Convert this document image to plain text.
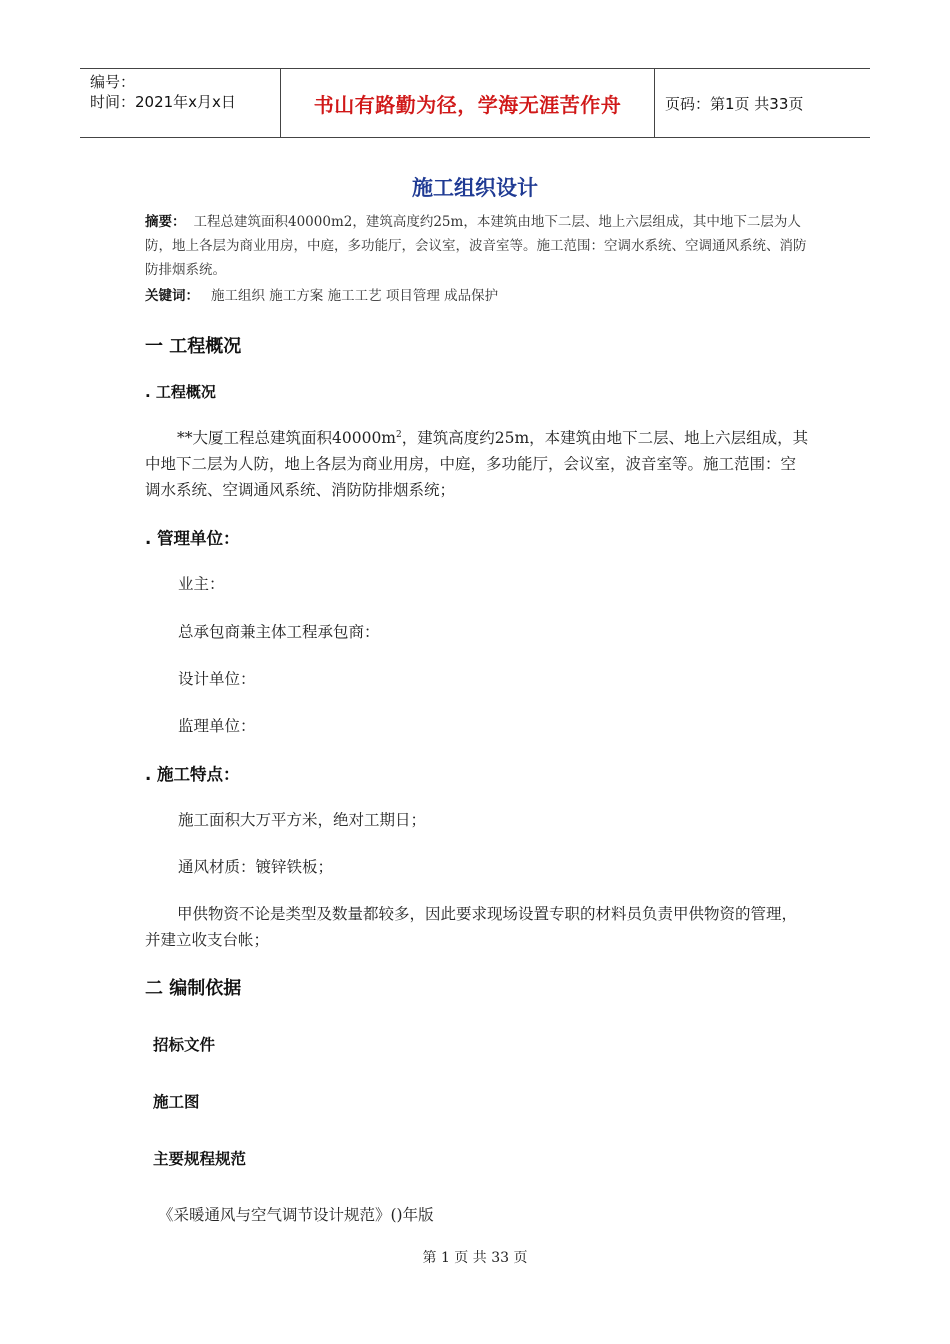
编号：
时间：2021年x月x日	书山有路勤为径，学海无涯苦作舟	页码：第1页 共33页
施工组织设计
摘要： 工程总建筑面积40000m2，建筑高度约25m，本建筑由地下二层、地上六层组成，其中地下二层为人防，地上各层为商业用房，中庭，多功能厅，会议室，波音室等。施工范围：空调水系统、空调通风系统、消防防排烟系统。
关键词： 施工组织 施工方案 施工工艺 项目管理 成品保护
一 工程概况
. 工程概况
**大厦工程总建筑面积$40000m^2$，建筑高度约25m，本建筑由地下二层、地上六层组成，其中地下二层为人防，地上各层为商业用房，中庭，多功能厅，会议室，波音室等。施工范围：空调水系统、空调通风系统、消防防排烟系统；
. 管理单位：
业主：
总承包商兼主体工程承包商：
设计单位：
监理单位：
. 施工特点：
施工面积大万平方米，绝对工期日；
通风材质：镀锌铁板；
甲供物资不论是类型及数量都较多，因此要求现场设置专职的材料员负责甲供物资的管理，并建立收支台帐；
二 编制依据
招标文件
施工图
主要规程规范
《采暖通风与空气调节设计规范》()年版
第 1 页 共 33 页
